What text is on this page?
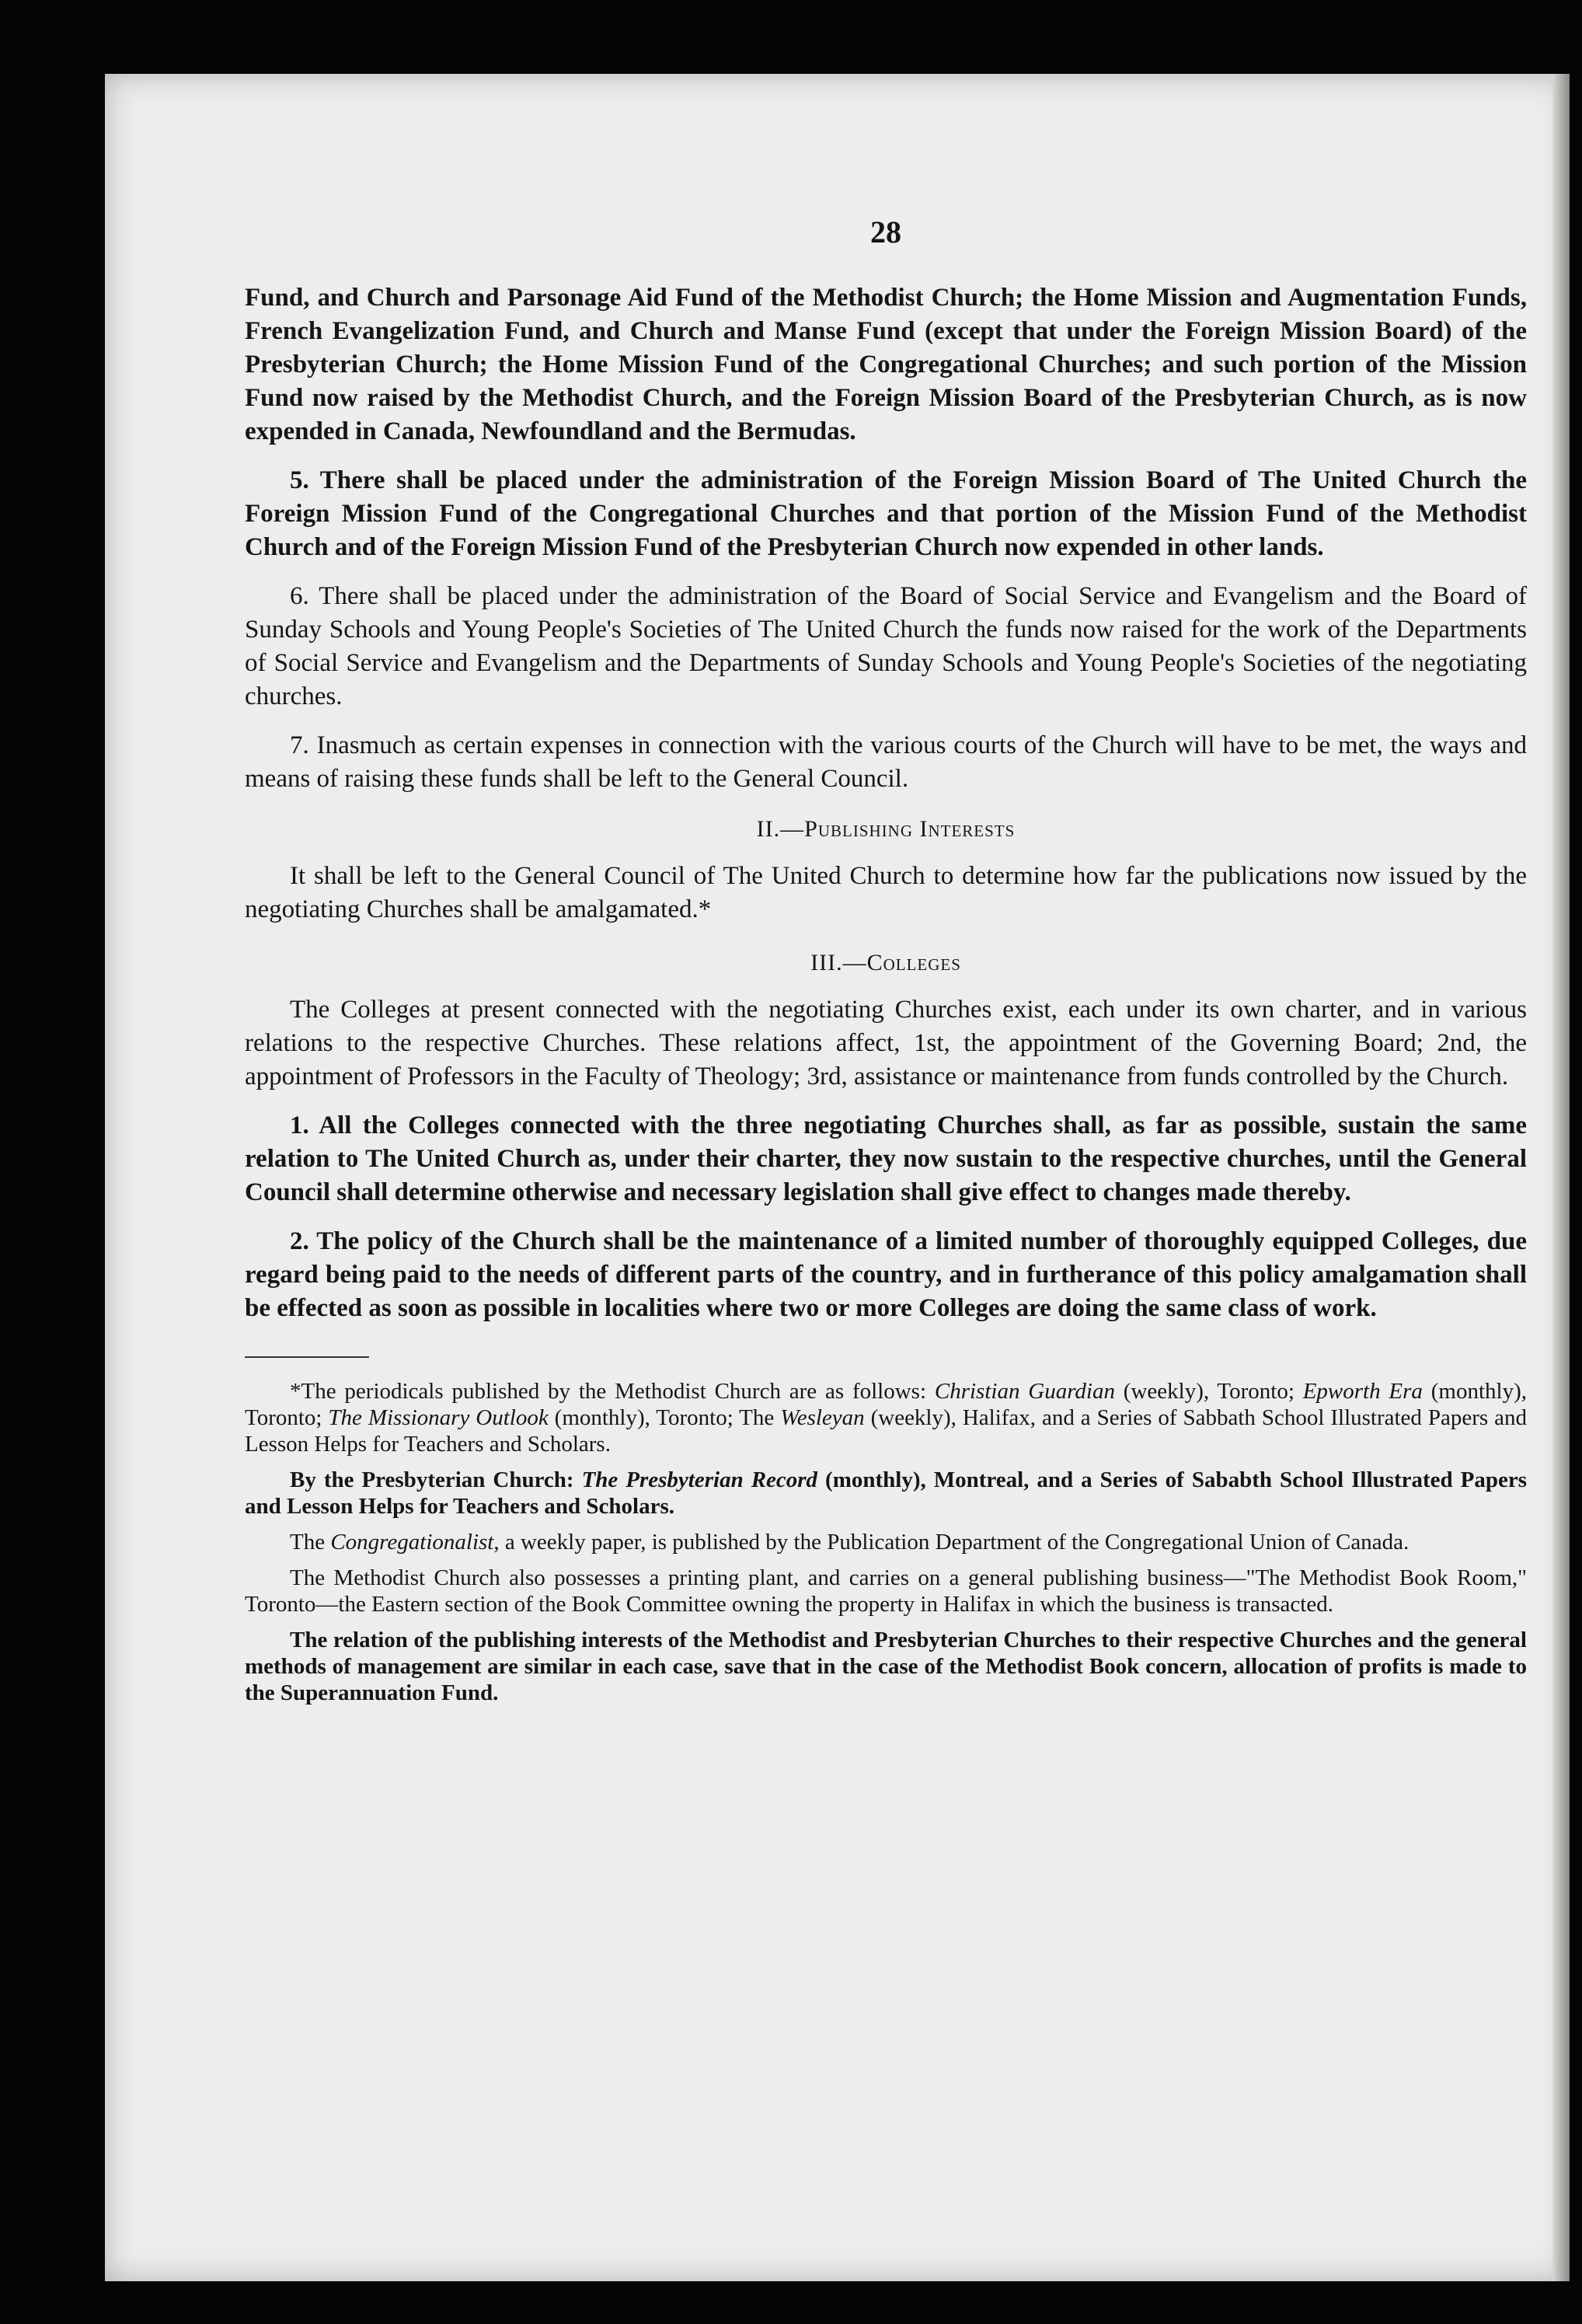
28

Fund, and Church and Parsonage Aid Fund of the Methodist Church; the Home Mission and Augmentation Funds, French Evangelization Fund, and Church and Manse Fund (except that under the Foreign Mission Board) of the Presbyterian Church; the Home Mission Fund of the Congregational Churches; and such portion of the Mission Fund now raised by the Methodist Church, and the Foreign Mission Board of the Presbyterian Church, as is now expended in Canada, Newfoundland and the Bermudas.

5. There shall be placed under the administration of the Foreign Mission Board of The United Church the Foreign Mission Fund of the Congregational Churches and that portion of the Mission Fund of the Methodist Church and of the Foreign Mission Fund of the Presbyterian Church now expended in other lands.

6. There shall be placed under the administration of the Board of Social Service and Evangelism and the Board of Sunday Schools and Young People's Societies of The United Church the funds now raised for the work of the Departments of Social Service and Evangelism and the Departments of Sunday Schools and Young People's Societies of the negotiating churches.

7. Inasmuch as certain expenses in connection with the various courts of the Church will have to be met, the ways and means of raising these funds shall be left to the General Council.

II.—Publishing Interests

It shall be left to the General Council of The United Church to determine how far the publications now issued by the negotiating Churches shall be amalgamated.*

III.—Colleges

The Colleges at present connected with the negotiating Churches exist, each under its own charter, and in various relations to the respective Churches. These relations affect, 1st, the appointment of the Governing Board; 2nd, the appointment of Professors in the Faculty of Theology; 3rd, assistance or maintenance from funds controlled by the Church.

1. All the Colleges connected with the three negotiating Churches shall, as far as possible, sustain the same relation to The United Church as, under their charter, they now sustain to the respective churches, until the General Council shall determine otherwise and necessary legislation shall give effect to changes made thereby.

2. The policy of the Church shall be the maintenance of a limited number of thoroughly equipped Colleges, due regard being paid to the needs of different parts of the country, and in furtherance of this policy amalgamation shall be effected as soon as possible in localities where two or more Colleges are doing the same class of work.

*The periodicals published by the Methodist Church are as follows: Christian Guardian (weekly), Toronto; Epworth Era (monthly), Toronto; The Missionary Outlook (monthly), Toronto; The Wesleyan (weekly), Halifax, and a Series of Sabbath School Illustrated Papers and Lesson Helps for Teachers and Scholars.

By the Presbyterian Church: The Presbyterian Record (monthly), Montreal, and a Series of Sababth School Illustrated Papers and Lesson Helps for Teachers and Scholars.

The Congregationalist, a weekly paper, is published by the Publication Department of the Congregational Union of Canada.

The Methodist Church also possesses a printing plant, and carries on a general publishing business—"The Methodist Book Room," Toronto—the Eastern section of the Book Committee owning the property in Halifax in which the business is transacted.

The relation of the publishing interests of the Methodist and Presbyterian Churches to their respective Churches and the general methods of management are similar in each case, save that in the case of the Methodist Book concern, allocation of profits is made to the Superannuation Fund.
